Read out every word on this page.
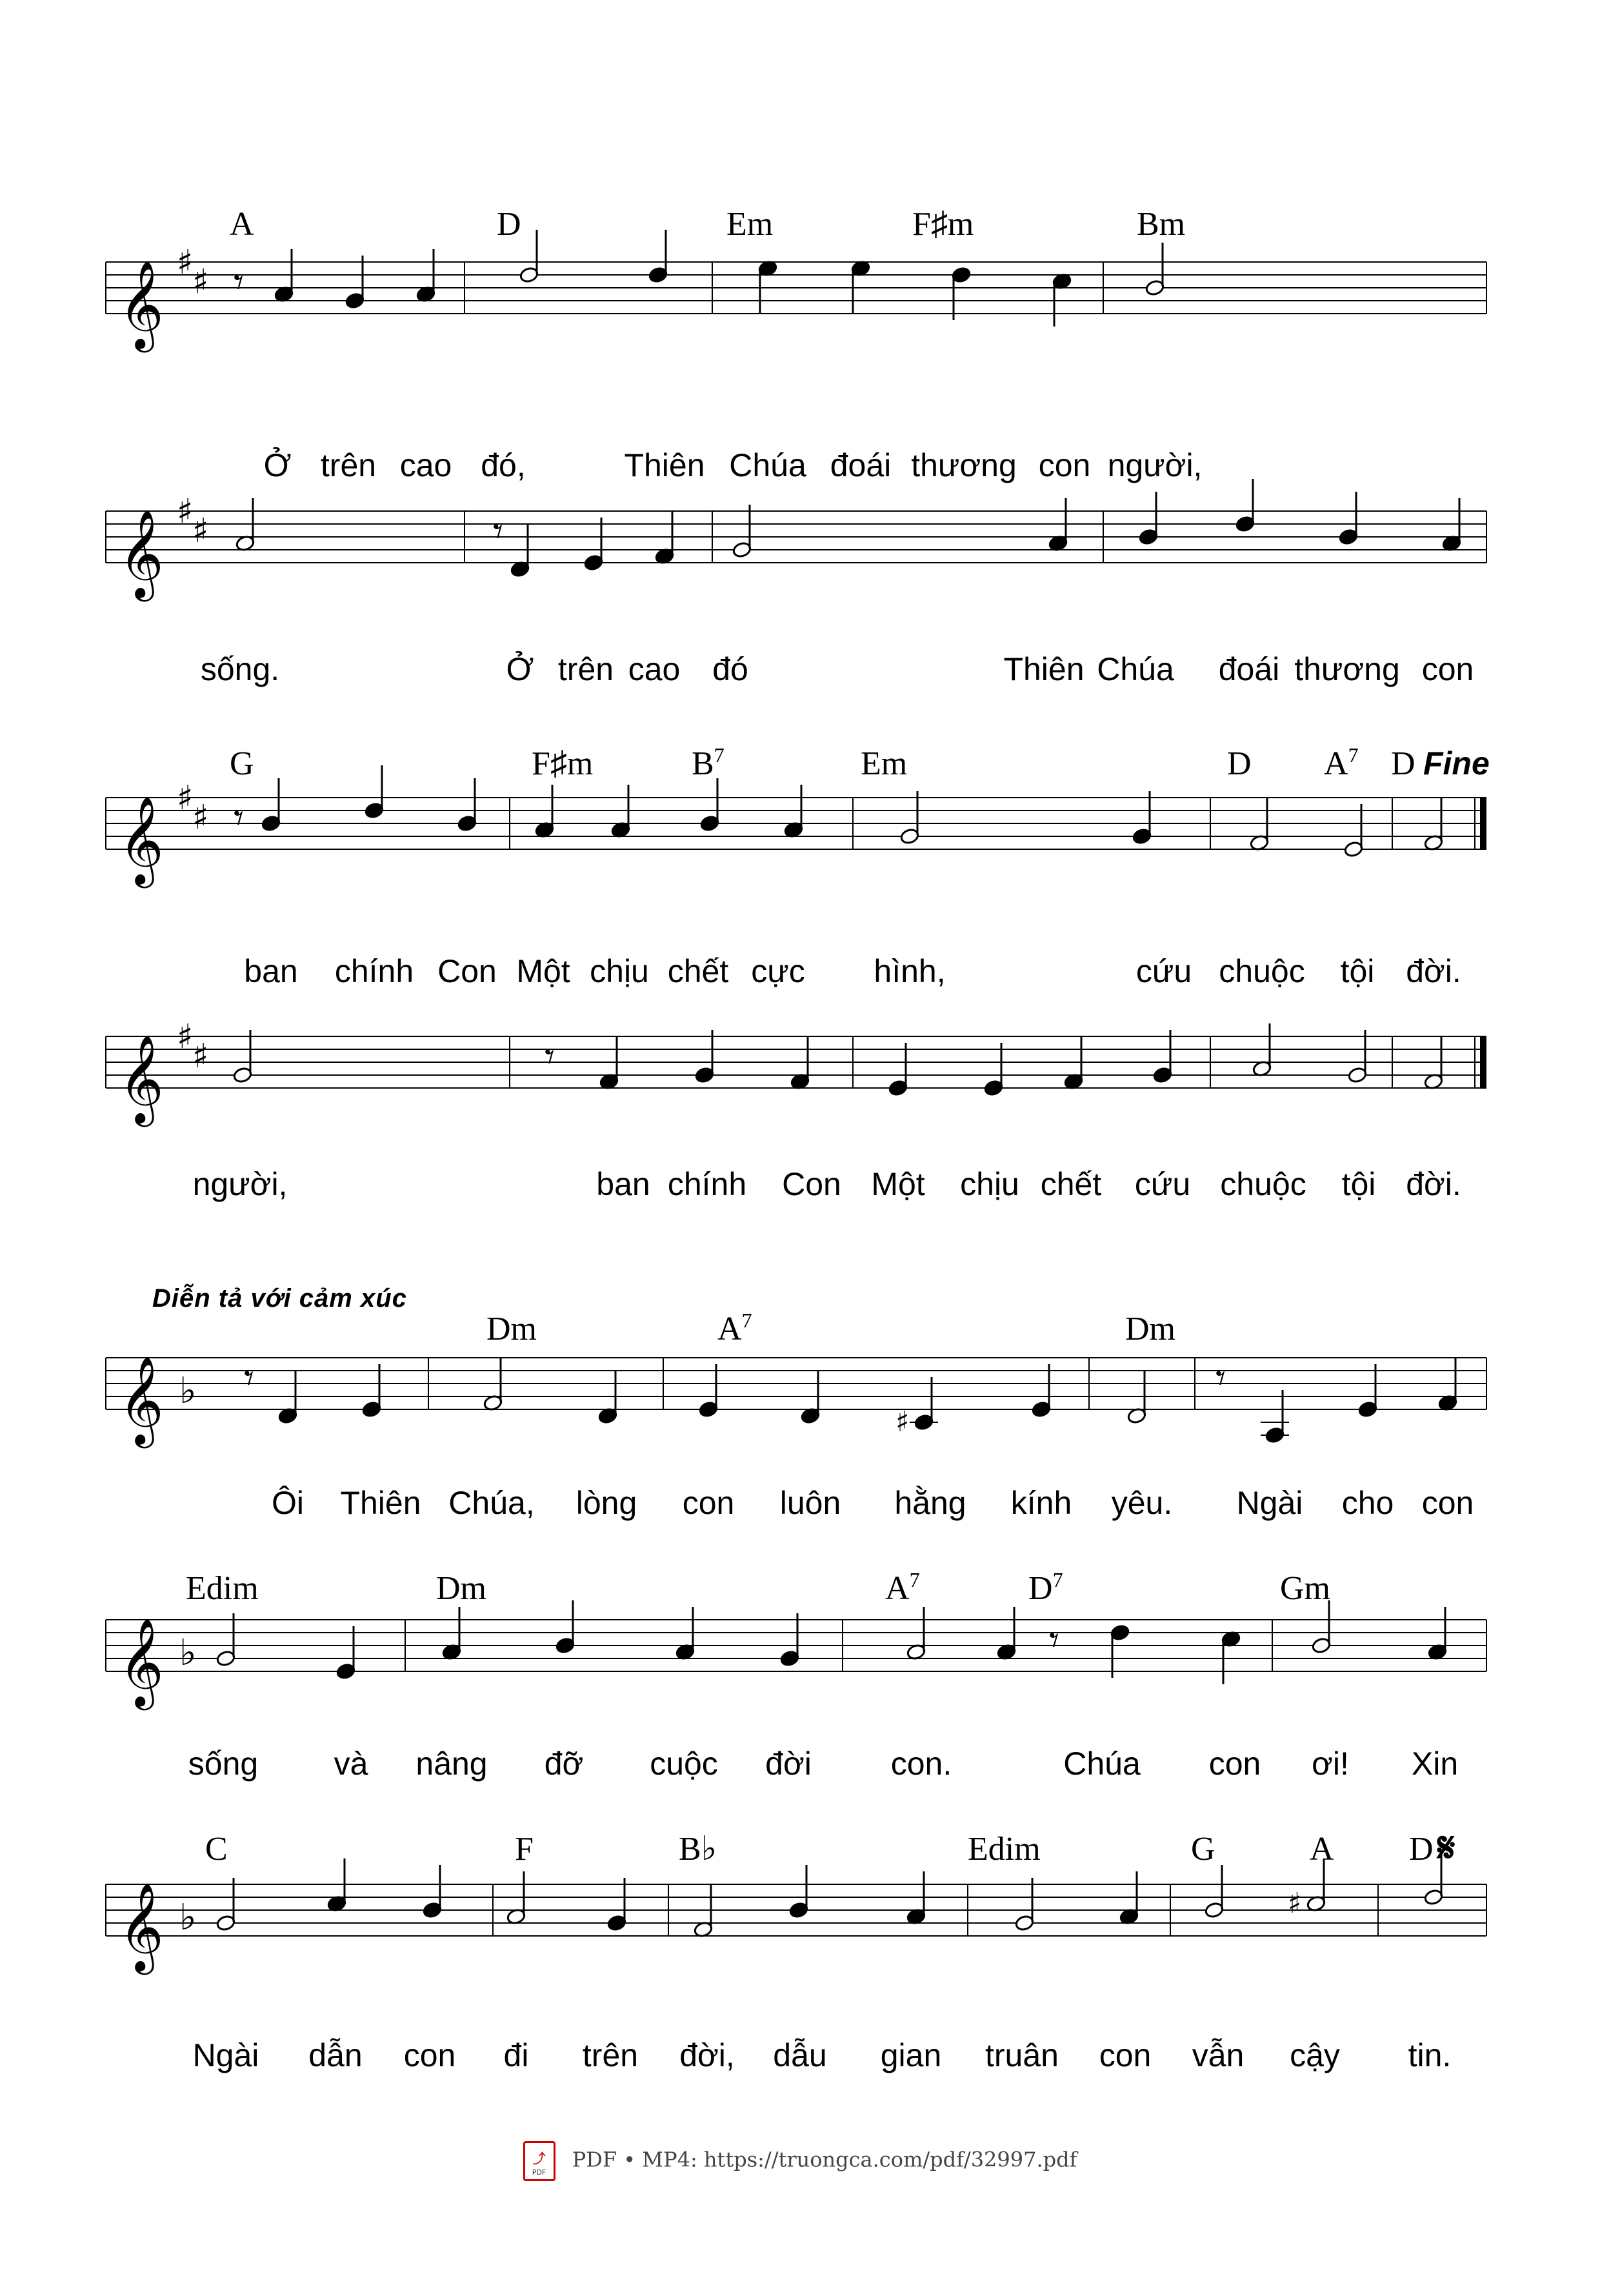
𝄞 ♯
♯ 𝄾
𝄞 ♯
♯	𝄾
𝄞 ♯
♯ 𝄾
𝄞 ♯
♯	𝄾
𝄞 ♭ 𝄾	𝄾
♯
𝄞 ♭	𝄾
𝄞 ♭	♯
A	D	Em	F♯m	Bm
Ở trên cao đó,	Thiên Chúa đoái thương con người,
sống.	Ở trên cao đó	Thiên Chúa đoái thương con
G	F♯m	$B^7$	Em	D $A^7$ D Fine
ban chính Con Một chịu chết cực hình,	cứu chuộc tội đời.
người,	ban chính Con Một chịu chết cứu chuộc tội đời.
Diễn tả với cảm xúc
Dm	$A^7$	Dm
Ôi Thiên Chúa, lòng con luôn hằng kính yêu. Ngài cho con
Edim	Dm	$A^7$	$D^7$	Gm
sống và nâng đỡ cuộc đời con.	Chúa con ơi! Xin
C	F	B♭	Edim	G	A D 𝄋
Ngài dẫn con đi trên đời, dẫu gian truân con vẫn cậy tin.
⤴
PDF
PDF • MP4: https://truongca.com/pdf/32997.pdf
